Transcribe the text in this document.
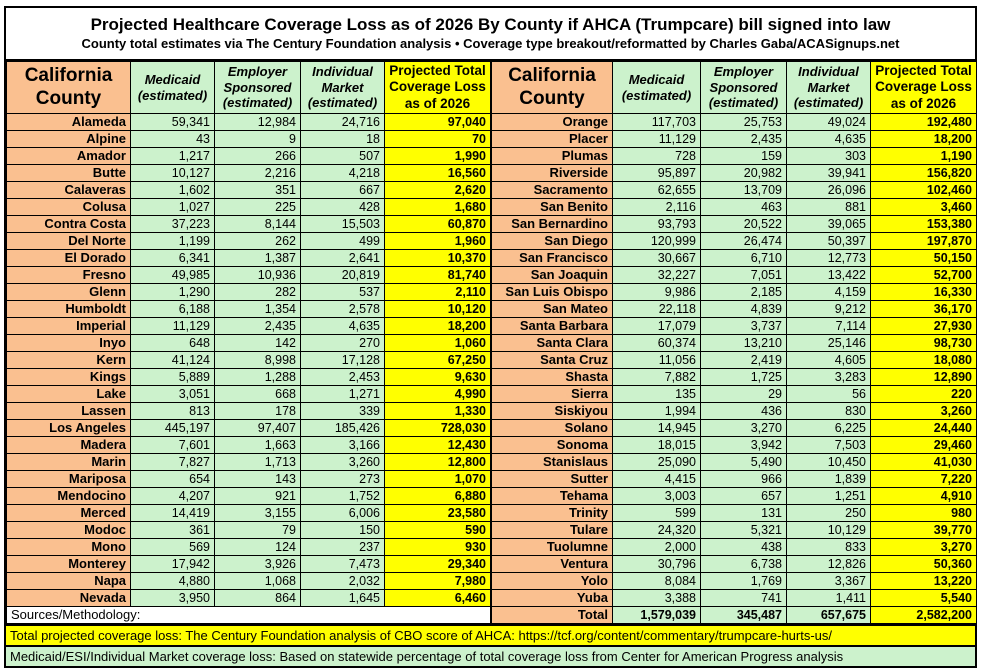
Projected Healthcare Coverage Loss as of 2026 By County if AHCA (Trumpcare) bill signed into law
County total estimates via The Century Foundation analysis • Coverage type breakout/reformatted by Charles Gaba/ACASignups.net
California County	Medicaid (estimated)	Employer Sponsored (estimated)	Individual Market (estimated)	Projected Total Coverage Loss as of 2026
Alameda	59,341	12,984	24,716	97,040
Alpine	43	9	18	70
Amador	1,217	266	507	1,990
Butte	10,127	2,216	4,218	16,560
Calaveras	1,602	351	667	2,620
Colusa	1,027	225	428	1,680
Contra Costa	37,223	8,144	15,503	60,870
Del Norte	1,199	262	499	1,960
El Dorado	6,341	1,387	2,641	10,370
Fresno	49,985	10,936	20,819	81,740
Glenn	1,290	282	537	2,110
Humboldt	6,188	1,354	2,578	10,120
Imperial	11,129	2,435	4,635	18,200
Inyo	648	142	270	1,060
Kern	41,124	8,998	17,128	67,250
Kings	5,889	1,288	2,453	9,630
Lake	3,051	668	1,271	4,990
Lassen	813	178	339	1,330
Los Angeles	445,197	97,407	185,426	728,030
Madera	7,601	1,663	3,166	12,430
Marin	7,827	1,713	3,260	12,800
Mariposa	654	143	273	1,070
Mendocino	4,207	921	1,752	6,880
Merced	14,419	3,155	6,006	23,580
Modoc	361	79	150	590
Mono	569	124	237	930
Monterey	17,942	3,926	7,473	29,340
Napa	4,880	1,068	2,032	7,980
Nevada	3,950	864	1,645	6,460
Sources/Methodology:				
California County	Medicaid (estimated)	Employer Sponsored (estimated)	Individual Market (estimated)	Projected Total Coverage Loss as of 2026
Orange	117,703	25,753	49,024	192,480
Placer	11,129	2,435	4,635	18,200
Plumas	728	159	303	1,190
Riverside	95,897	20,982	39,941	156,820
Sacramento	62,655	13,709	26,096	102,460
San Benito	2,116	463	881	3,460
San Bernardino	93,793	20,522	39,065	153,380
San Diego	120,999	26,474	50,397	197,870
San Francisco	30,667	6,710	12,773	50,150
San Joaquin	32,227	7,051	13,422	52,700
San Luis Obispo	9,986	2,185	4,159	16,330
San Mateo	22,118	4,839	9,212	36,170
Santa Barbara	17,079	3,737	7,114	27,930
Santa Clara	60,374	13,210	25,146	98,730
Santa Cruz	11,056	2,419	4,605	18,080
Shasta	7,882	1,725	3,283	12,890
Sierra	135	29	56	220
Siskiyou	1,994	436	830	3,260
Solano	14,945	3,270	6,225	24,440
Sonoma	18,015	3,942	7,503	29,460
Stanislaus	25,090	5,490	10,450	41,030
Sutter	4,415	966	1,839	7,220
Tehama	3,003	657	1,251	4,910
Trinity	599	131	250	980
Tulare	24,320	5,321	10,129	39,770
Tuolumne	2,000	438	833	3,270
Ventura	30,796	6,738	12,826	50,360
Yolo	8,084	1,769	3,367	13,220
Yuba	3,388	741	1,411	5,540
Total	1,579,039	345,487	657,675	2,582,200
Total projected coverage loss: The Century Foundation analysis of CBO score of AHCA: https://tcf.org/content/commentary/trumpcare-hurts-us/
Medicaid/ESI/Individual Market coverage loss: Based on statewide percentage of total coverage loss from Center for American Progress analysis
